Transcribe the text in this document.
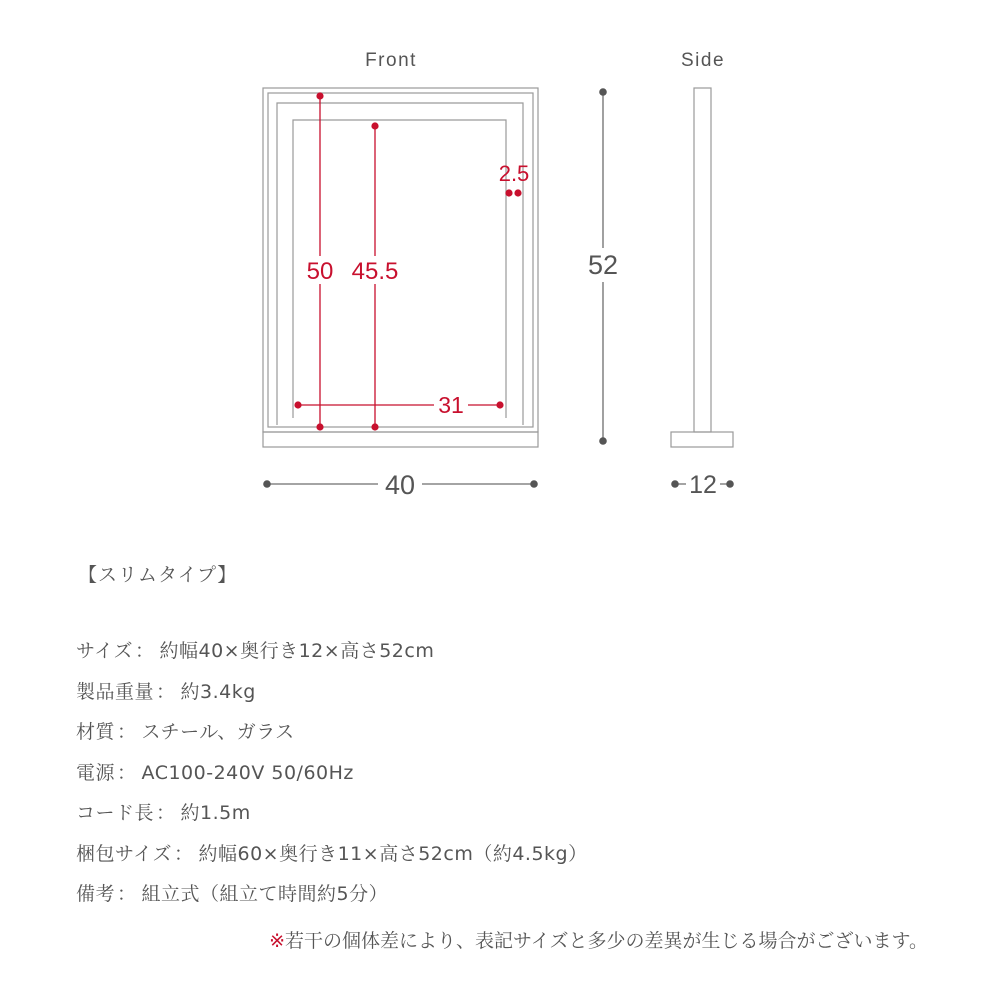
Front	Side
50 45.5
2.5
31
52
40	12
【スリムタイプ】
サイズ ： 約幅40×奥行き12×高さ52cm
製品重量 ： 約3.4kg
材質 ： スチール、ガラス
電源 ： AC100-240V 50/60Hz
コード長 ： 約1.5m
梱包サイズ ： 約幅60×奥行き11×高さ52cm（約4.5kg）
備考 ： 組立式（組立て時間約5分）
※若干の個体差により、表記サイズと多少の差異が生じる場合がございます。
